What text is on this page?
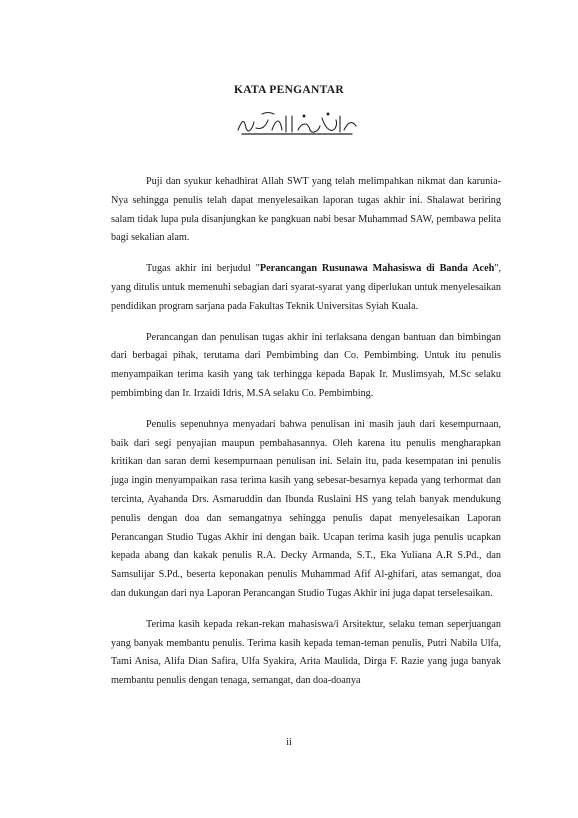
KATA PENGANTAR

Puji dan syukur kehadhirat Allah SWT yang telah melimpahkan nikmat dan karunia-Nya sehingga penulis telah dapat menyelesaikan laporan tugas akhir ini. Shalawat beriring salam tidak lupa pula disanjungkan ke pangkuan nabi besar Muhammad SAW, pembawa pelita bagi sekalian alam.

Tugas akhir ini berjudul "Perancangan Rusunawa Mahasiswa di Banda Aceh", yang ditulis untuk memenuhi sebagian dari syarat-syarat yang diperlukan untuk menyelesaikan pendidikan program sarjana pada Fakultas Teknik Universitas Syiah Kuala.

Perancangan dan penulisan tugas akhir ini terlaksana dengan bantuan dan bimbingan dari berbagai pihak, terutama dari Pembimbing dan Co. Pembimbing. Untuk itu penulis menyampaikan terima kasih yang tak terhingga kepada Bapak Ir. Muslimsyah, M.Sc selaku pembimbing dan Ir. Irzaidi Idris, M.SA selaku Co. Pembimbing.

Penulis sepenuhnya menyadari bahwa penulisan ini masih jauh dari kesempurnaan, baik dari segi penyajian maupun pembahasannya. Oleh karena itu penulis mengharapkan kritikan dan saran demi kesempurnaan penulisan ini. Selain itu, pada kesempatan ini penulis juga ingin menyampaikan rasa terima kasih yang sebesar-besarnya kepada yang terhormat dan tercinta, Ayahanda Drs. Asmaruddin dan Ibunda Ruslaini HS yang telah banyak mendukung penulis dengan doa dan semangatnya sehingga penulis dapat menyelesaikan Laporan Perancangan Studio Tugas Akhir ini dengan baik. Ucapan terima kasih juga penulis ucapkan kepada abang dan kakak penulis R.A. Decky Armanda, S.T., Eka Yuliana A.R S.Pd., dan Samsulijar S.Pd., beserta keponakan penulis Muhammad Afif Al-ghifari, atas semangat, doa dan dukungan dari nya Laporan Perancangan Studio Tugas Akhir ini juga dapat terselesaikan.

Terima kasih kepada rekan-rekan mahasiswa/i Arsitektur, selaku teman seperjuangan yang banyak membantu penulis. Terima kasih kepada teman-teman penulis, Putri Nabila Ulfa, Tami Anisa, Alifa Dian Safira, Ulfa Syakira, Arita Maulida, Dirga F. Razie yang juga banyak membantu penulis dengan tenaga, semangat, dan doa-doanya

ii
